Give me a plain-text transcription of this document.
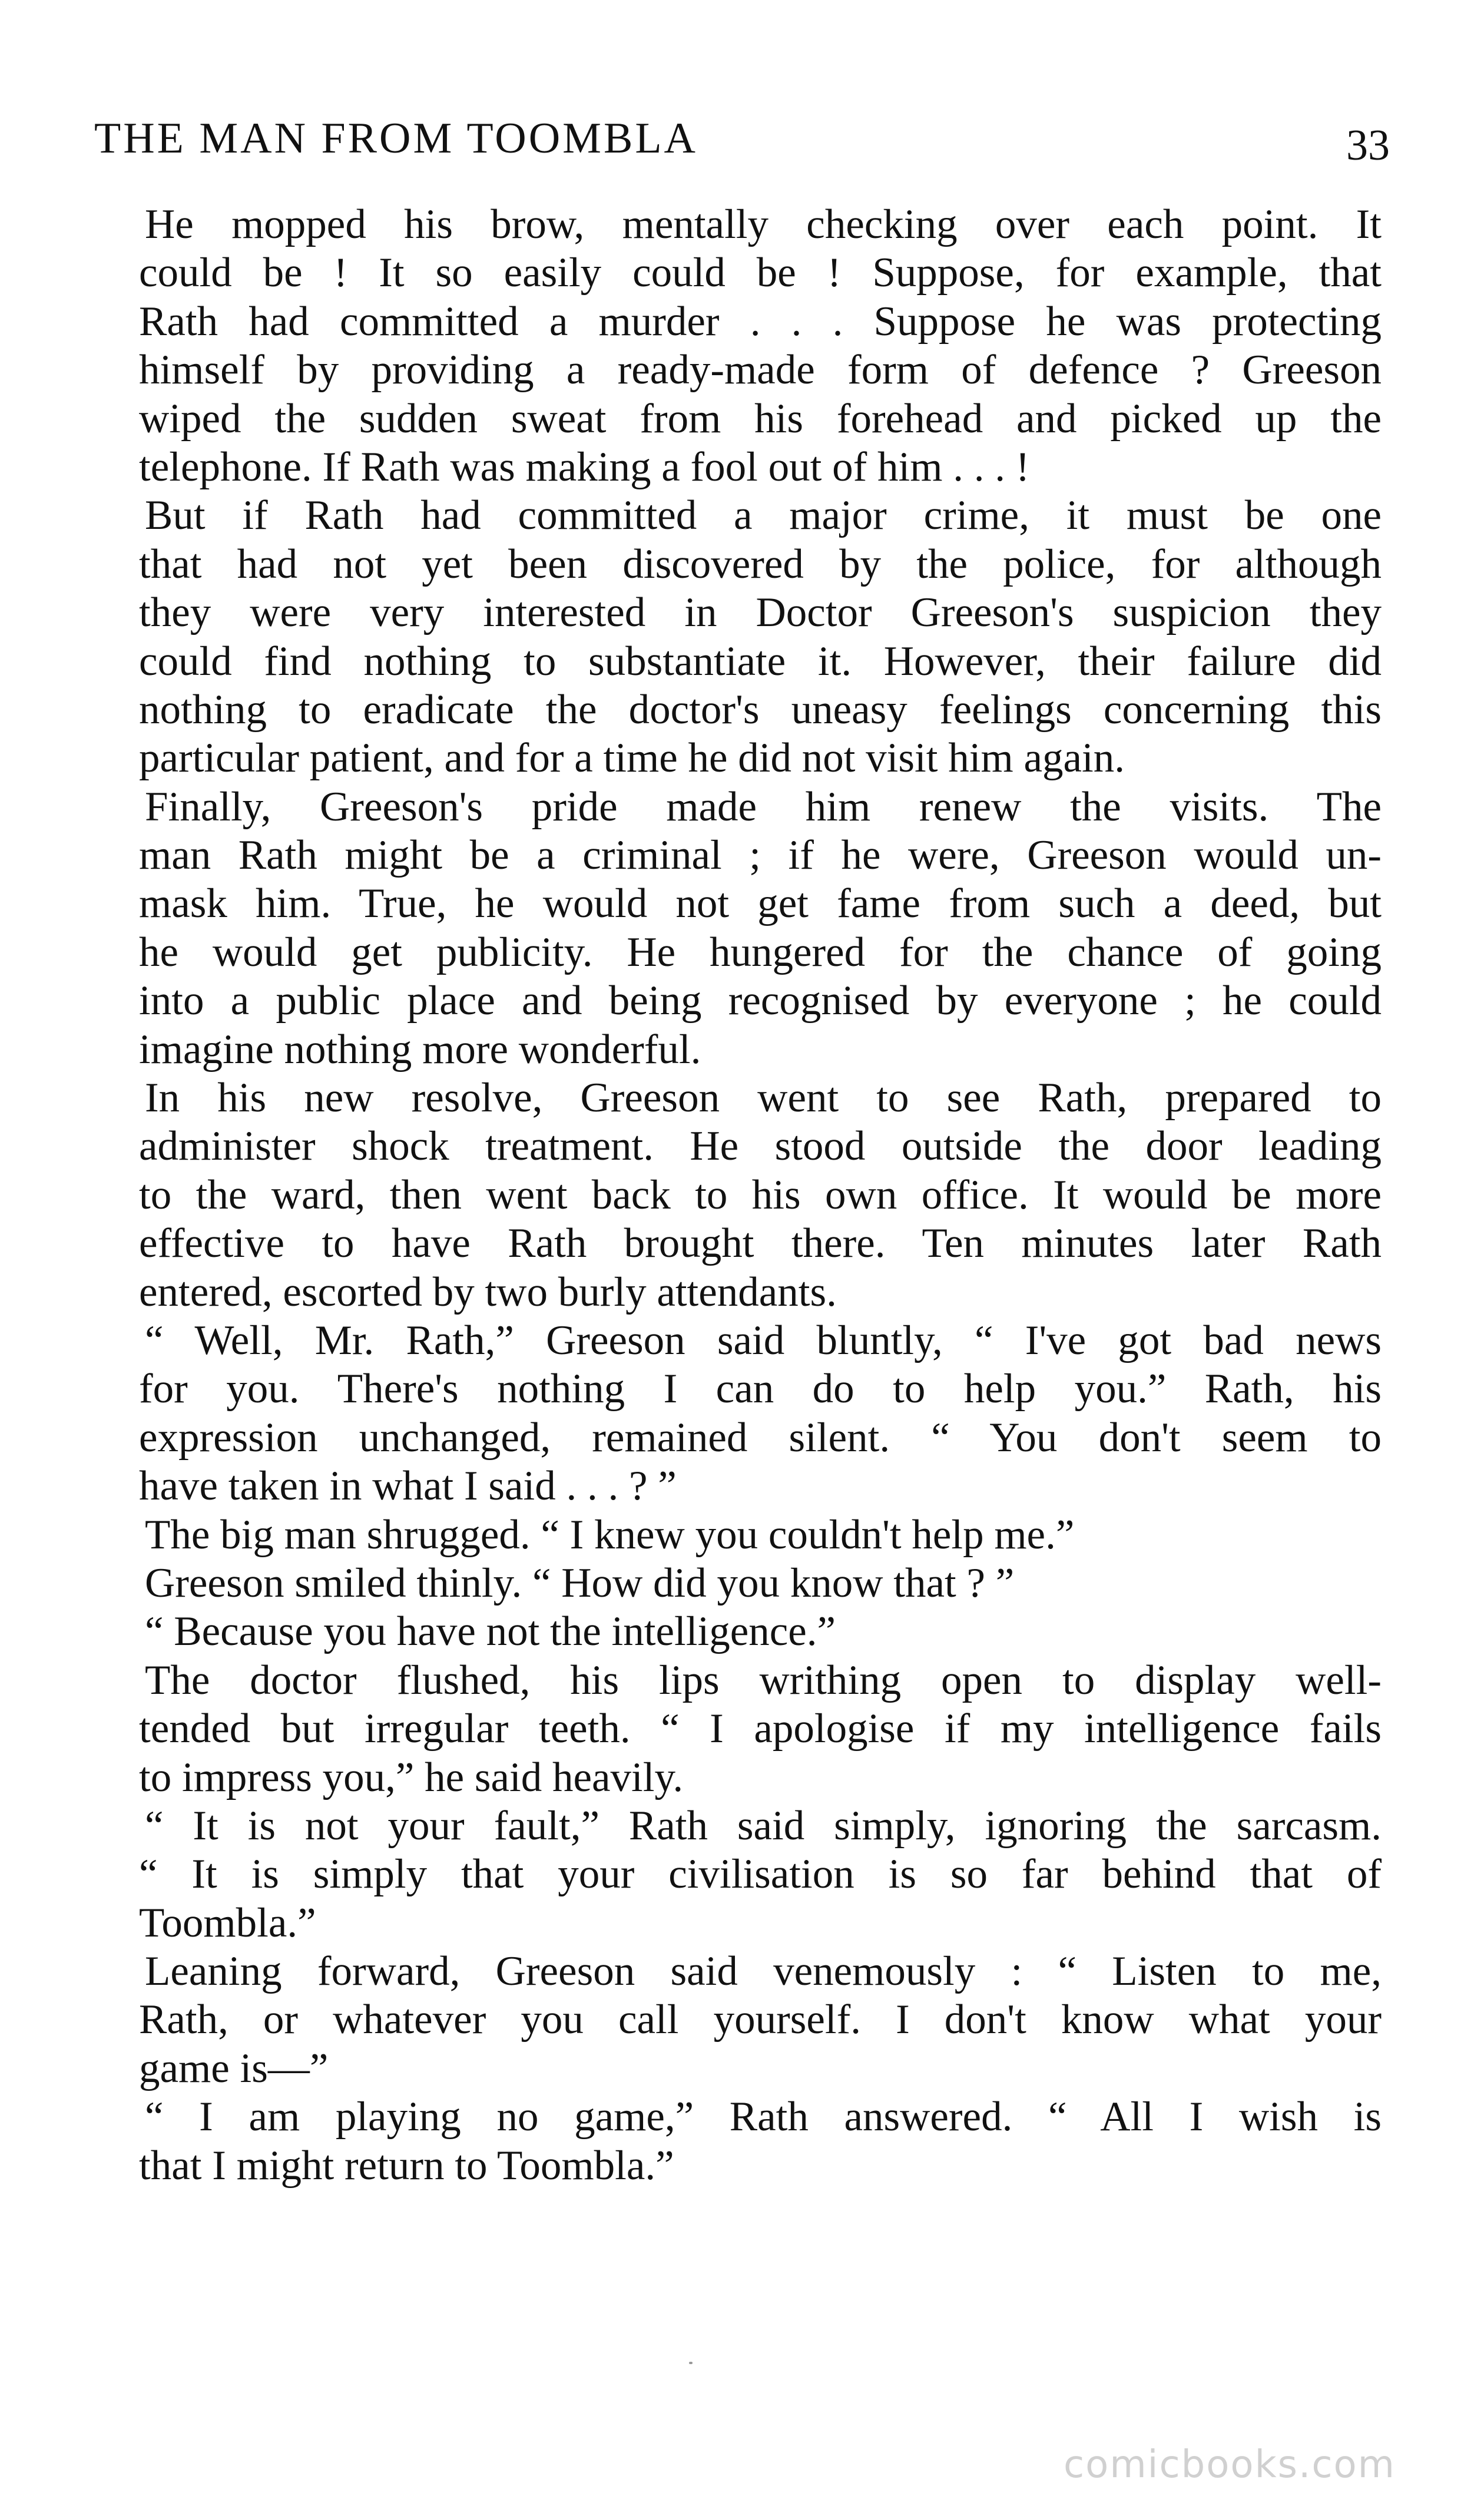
THE MAN FROM TOOMBLA	33
He mopped his brow, mentally checking over each point. It
could be ! It so easily could be ! Suppose, for example, that
Rath had committed a murder . . . Suppose he was protecting
himself by providing a ready-made form of defence ? Greeson
wiped the sudden sweat from his forehead and picked up the
telephone. If Rath was making a fool out of him . . . !
But if Rath had committed a major crime, it must be one
that had not yet been discovered by the police, for although
they were very interested in Doctor Greeson's suspicion they
could find nothing to substantiate it. However, their failure did
nothing to eradicate the doctor's uneasy feelings concerning this
particular patient, and for a time he did not visit him again.
Finally, Greeson's pride made him renew the visits. The
man Rath might be a criminal ; if he were, Greeson would un-
mask him. True, he would not get fame from such a deed, but
he would get publicity. He hungered for the chance of going
into a public place and being recognised by everyone ; he could
imagine nothing more wonderful.
In his new resolve, Greeson went to see Rath, prepared to
administer shock treatment. He stood outside the door leading
to the ward, then went back to his own office. It would be more
effective to have Rath brought there. Ten minutes later Rath
entered, escorted by two burly attendants.
“ Well, Mr. Rath,” Greeson said bluntly, “ I've got bad news
for you. There's nothing I can do to help you.” Rath, his
expression unchanged, remained silent. “ You don't seem to
have taken in what I said . . . ? ”
The big man shrugged. “ I knew you couldn't help me.”
Greeson smiled thinly. “ How did you know that ? ”
“ Because you have not the intelligence.”
The doctor flushed, his lips writhing open to display well-
tended but irregular teeth. “ I apologise if my intelligence fails
to impress you,” he said heavily.
“ It is not your fault,” Rath said simply, ignoring the sarcasm.
“ It is simply that your civilisation is so far behind that of
Toombla.”
Leaning forward, Greeson said venemously : “ Listen to me,
Rath, or whatever you call yourself. I don't know what your
game is—”
“ I am playing no game,” Rath answered. “ All I wish is
that I might return to Toombla.”
comicbooks.com
